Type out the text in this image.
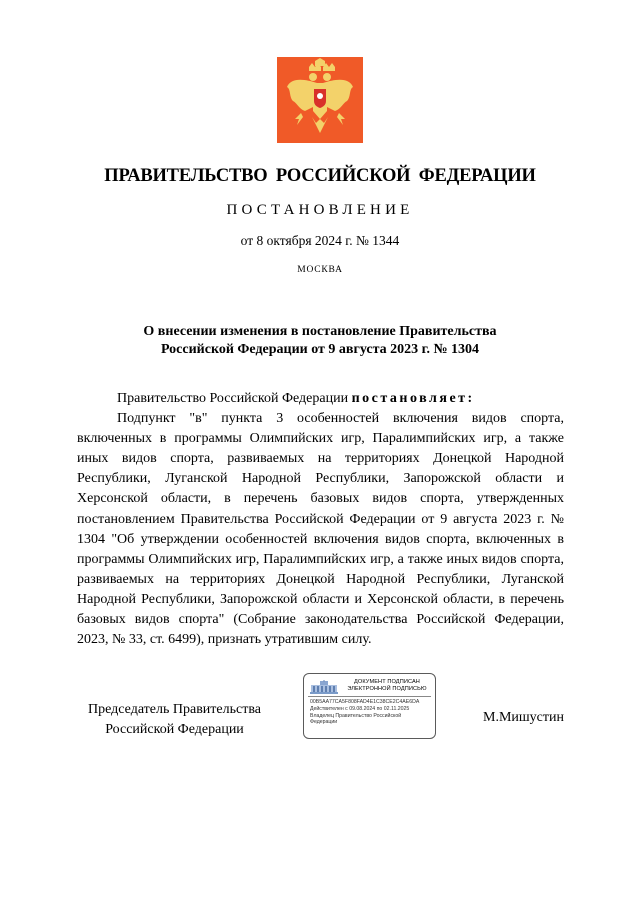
ПРАВИТЕЛЬСТВО РОССИЙСКОЙ ФЕДЕРАЦИИ
ПОСТАНОВЛЕНИЕ
от 8 октября 2024 г. № 1344
МОСКВА
О внесении изменения в постановление Правительства
Российской Федерации от 9 августа 2023 г. № 1304

Правительство Российской Федерации постановляет:

Подпункт "в" пункта 3 особенностей включения видов спорта, включенных в программы Олимпийских игр, Паралимпийских игр, а также иных видов спорта, развиваемых на территориях Донецкой Народной Республики, Луганской Народной Республики, Запорожской области и Херсонской области, в перечень базовых видов спорта, утвержденных постановлением Правительства Российской Федерации от 9 августа 2023 г. № 1304 "Об утверждении особенностей включения видов спорта, включенных в программы Олимпийских игр, Паралимпийских игр, а также иных видов спорта, развиваемых на территориях Донецкой Народной Республики, Луганской Народной Республики, Запорожской области и Херсонской области, в перечень базовых видов спорта" (Собрание законодательства Российской Федерации, 2023, № 33, ст. 6499), признать утратившим силу.

Председатель Правительства
Российской Федерации
ДОКУМЕНТ ПОДПИСАН
ЭЛЕКТРОННОЙ ПОДПИСЬЮ
00B5AA77CA5F808FAD4E1C38CE2C4AE6DA
Действителен с 09.08.2024 по 02.11.2025
Владелец Правительство Российской
Федерации	М.Мишустин
